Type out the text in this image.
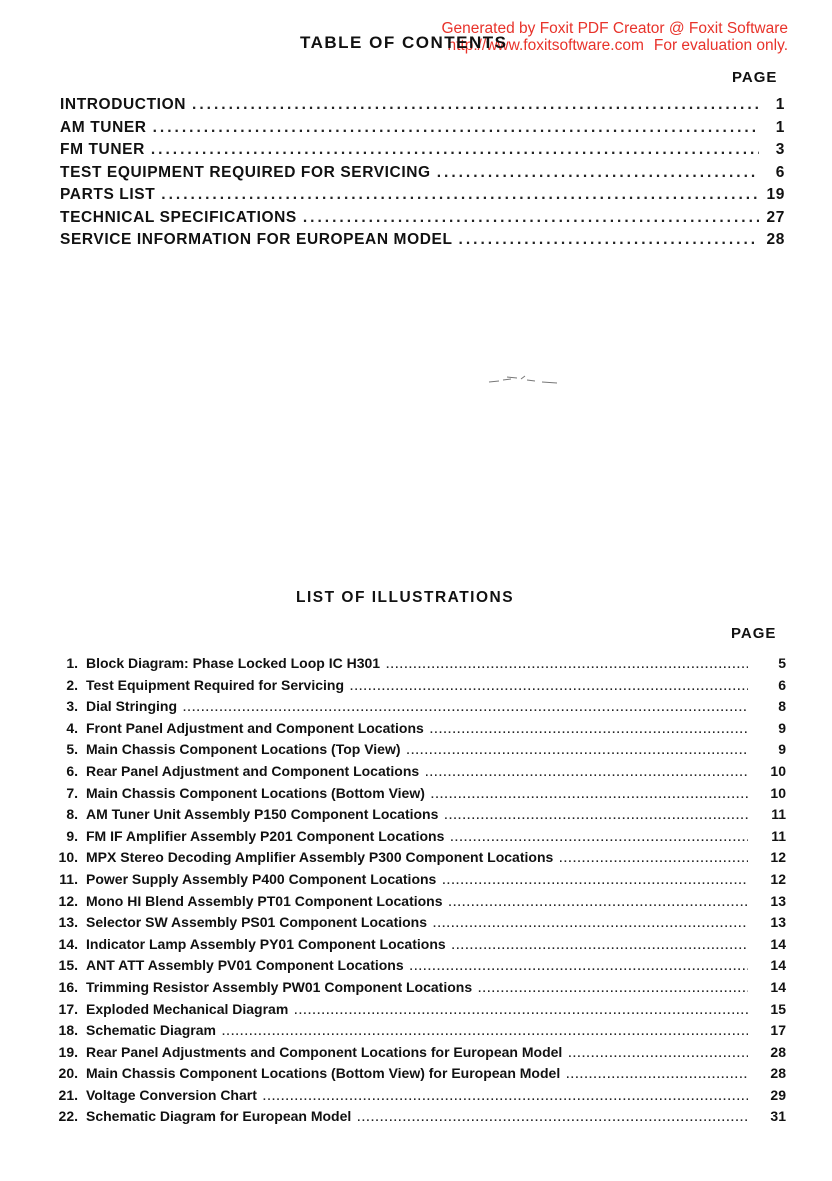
Generated by Foxit PDF Creator @ Foxit Software
http://www.foxitsoftware.com For evaluation only.
TABLE OF CONTENTS
PAGE
INTRODUCTION .....	1
AM TUNER .....	1
FM TUNER .....	3
TEST EQUIPMENT REQUIRED FOR SERVICING .....	6
PARTS LIST .....	19
TECHNICAL SPECIFICATIONS .....	27
SERVICE INFORMATION FOR EUROPEAN MODEL .....	28
LIST OF ILLUSTRATIONS
PAGE
1. Block Diagram: Phase Locked Loop IC H301 .....	5
2. Test Equipment Required for Servicing .....	6
3. Dial Stringing .....	8
4. Front Panel Adjustment and Component Locations .....	9
5. Main Chassis Component Locations (Top View) .....	9
6. Rear Panel Adjustment and Component Locations .....	10
7. Main Chassis Component Locations (Bottom View) .....	10
8. AM Tuner Unit Assembly P150 Component Locations .....	11
9. FM IF Amplifier Assembly P201 Component Locations .....	11
10. MPX Stereo Decoding Amplifier Assembly P300 Component Locations .....	12
11. Power Supply Assembly P400 Component Locations .....	12
12. Mono HI Blend Assembly PT01 Component Locations .....	13
13. Selector SW Assembly PS01 Component Locations .....	13
14. Indicator Lamp Assembly PY01 Component Locations .....	14
15. ANT ATT Assembly PV01 Component Locations .....	14
16. Trimming Resistor Assembly PW01 Component Locations .....	14
17. Exploded Mechanical Diagram .....	15
18. Schematic Diagram .....	17
19. Rear Panel Adjustments and Component Locations for European Model .....	28
20. Main Chassis Component Locations (Bottom View) for European Model .....	28
21. Voltage Conversion Chart .....	29
22. Schematic Diagram for European Model .....	31
